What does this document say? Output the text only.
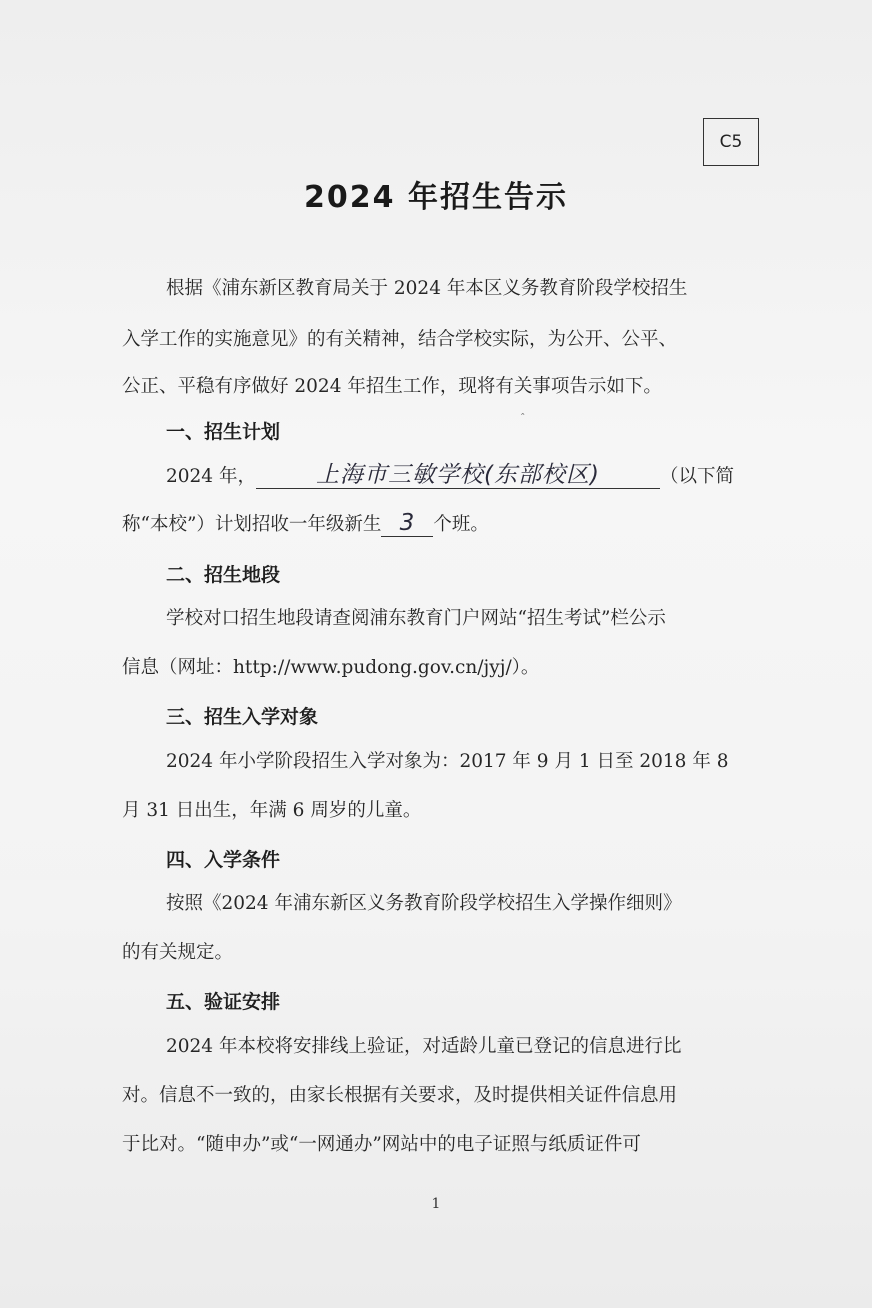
C5
2024 年招生告示
根据《浦东新区教育局关于 2024 年本区义务教育阶段学校招生
入学工作的实施意见》的有关精神，结合学校实际，为公开、公平、
公正、平稳有序做好 2024 年招生工作，现将有关事项告示如下。
ˆ
一、招生计划
2024 年，	上海市三敏学校(东部校区)	（以下简
称“本校”）计划招收一年级新生 3 个班。
二、招生地段
学校对口招生地段请查阅浦东教育门户网站“招生考试”栏公示
信息（网址：http://www.pudong.gov.cn/jyj/）。
三、招生入学对象
2024 年小学阶段招生入学对象为：2017 年 9 月 1 日至 2018 年 8
月 31 日出生，年满 6 周岁的儿童。
四、入学条件
按照《2024 年浦东新区义务教育阶段学校招生入学操作细则》
的有关规定。
五、验证安排
2024 年本校将安排线上验证，对适龄儿童已登记的信息进行比
对。信息不一致的，由家长根据有关要求，及时提供相关证件信息用
于比对。“随申办”或“一网通办”网站中的电子证照与纸质证件可
1
